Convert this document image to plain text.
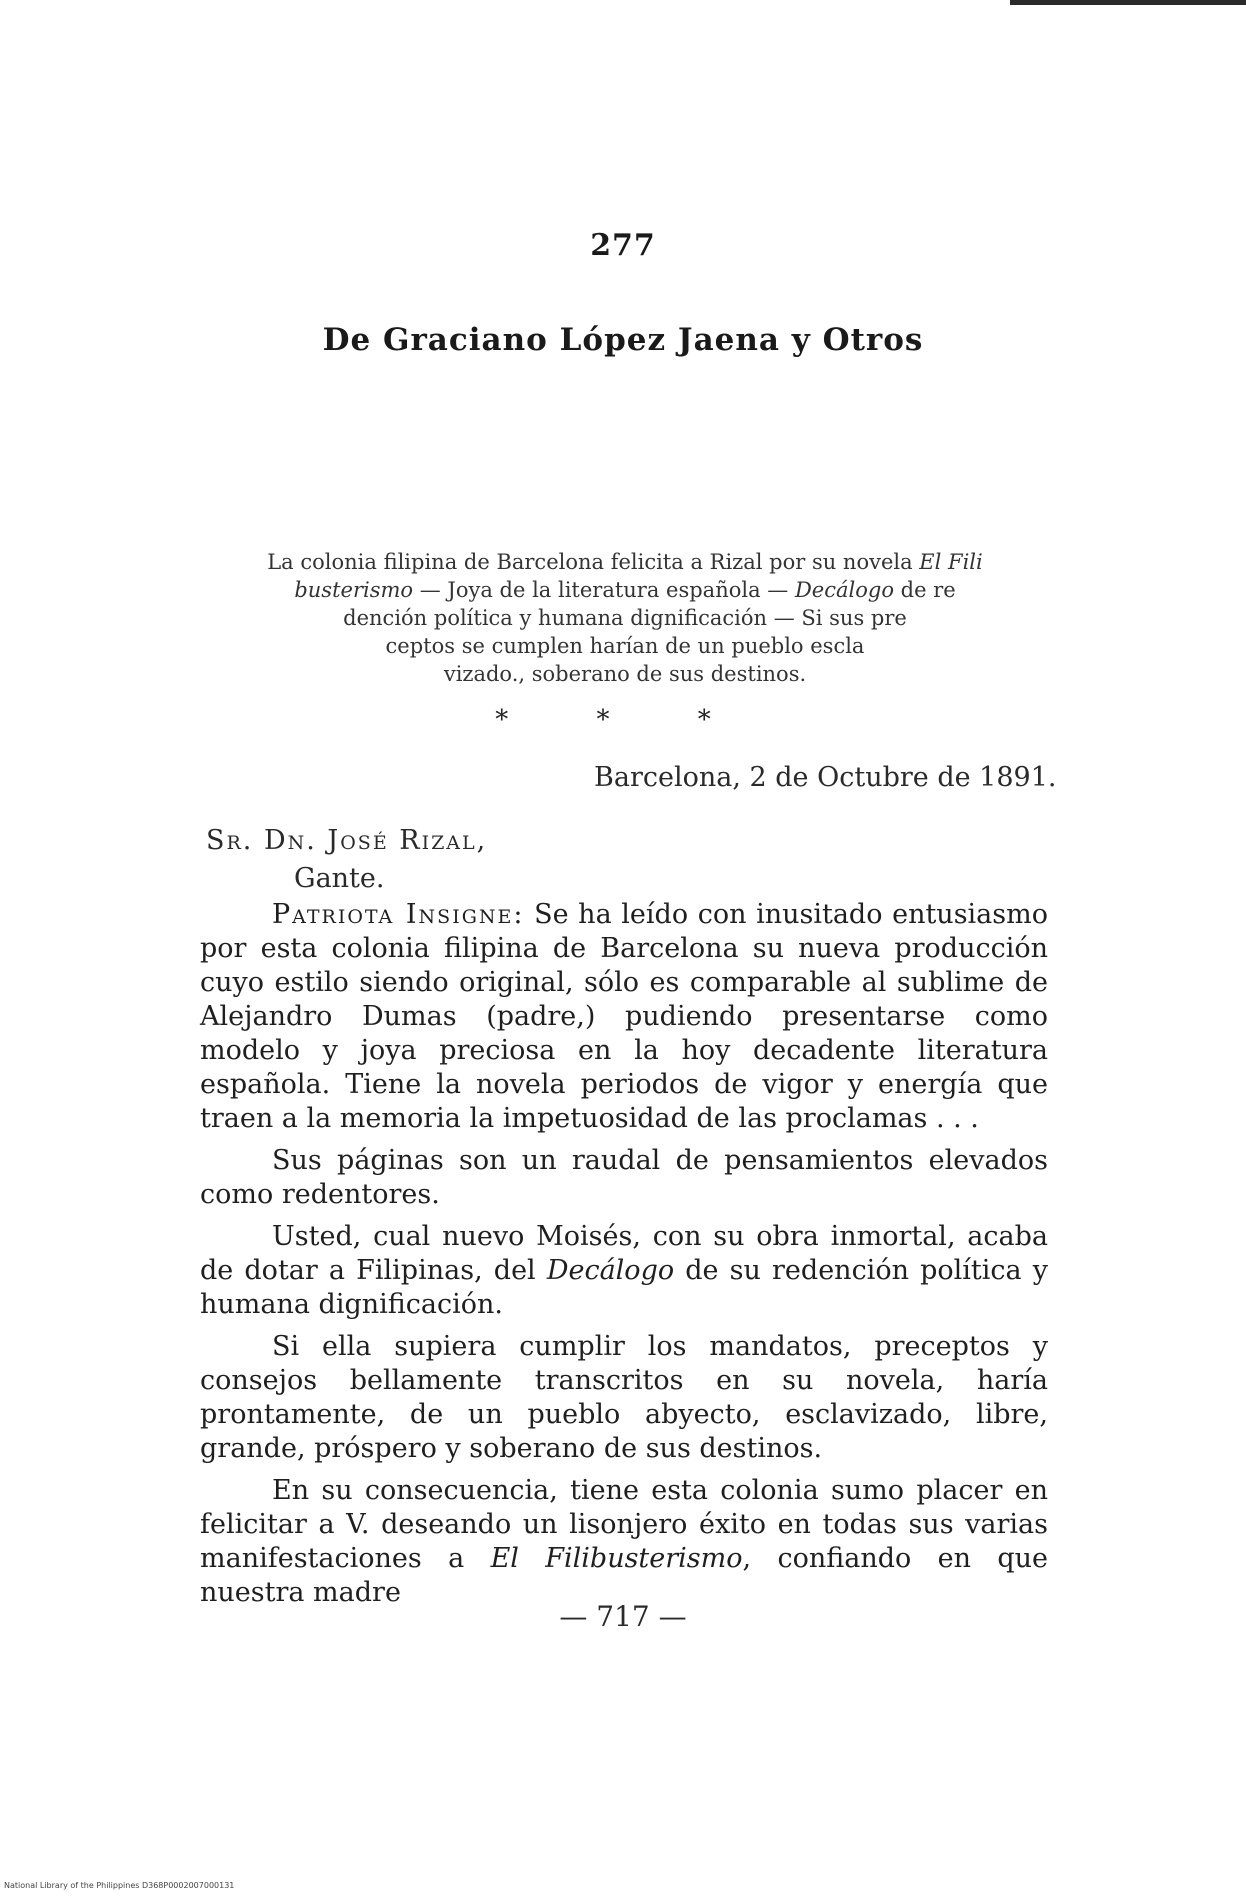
277
De Graciano López Jaena y Otros
La colonia filipina de Barcelona felicita a Rizal por su novela El Fili
busterismo — Joya de la literatura española — Decálogo de re
dención política y humana dignificación — Si sus pre
ceptos se cumplen harían de un pueblo escla
vizado., soberano de sus destinos.
* * *
Barcelona, 2 de Octubre de 1891.
Sr. Dn. José Rizal,
Gante.

Patriota Insigne: Se ha leído con inusitado entusiasmo por esta colonia filipina de Barcelona su nueva producción cuyo estilo siendo original, sólo es comparable al sublime de Alejandro Dumas (padre,) pudiendo presentarse como modelo y joya preciosa en la hoy decadente literatura española. Tiene la novela periodos de vigor y energía que traen a la memoria la impetuosidad de las proclamas . . .

Sus páginas son un raudal de pensamientos elevados como redentores.

Usted, cual nuevo Moisés, con su obra inmortal, acaba de dotar a Filipinas, del Decálogo de su redención política y humana dignificación.

Si ella supiera cumplir los mandatos, preceptos y consejos bellamente transcritos en su novela, haría prontamente, de un pueblo abyecto, esclavizado, libre, grande, próspero y soberano de sus destinos.

En su consecuencia, tiene esta colonia sumo placer en felicitar a V. deseando un lisonjero éxito en todas sus varias manifestaciones a El Filibusterismo, confiando en que nuestra madre

— 717 —
National Library of the Philippines D368P0002007000131
